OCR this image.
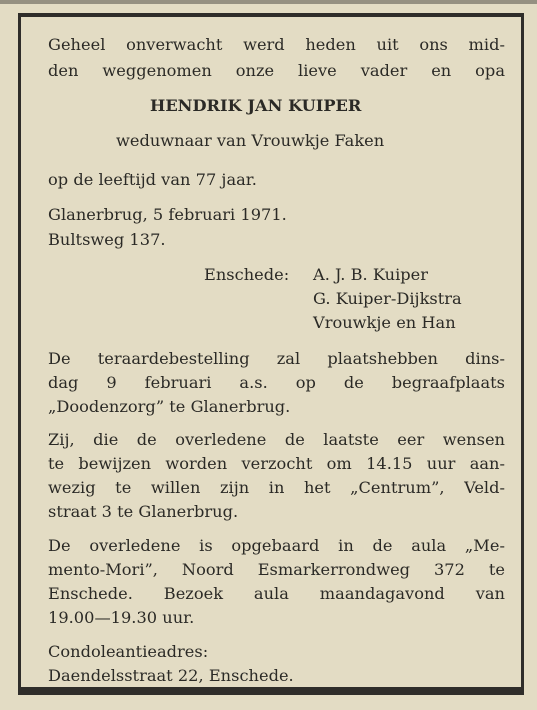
Geheel onverwacht werd heden uit ons mid-
den weggenomen onze lieve vader en opa
HENDRIK JAN KUIPER
weduwnaar van Vrouwkje Faken
op de leeftijd van 77 jaar.
Glanerbrug, 5 februari 1971.
Bultsweg 137.
Enschede: A. J. B. Kuiper
G. Kuiper-Dijkstra
Vrouwkje en Han
De teraardebestelling zal plaatshebben dins-
dag 9 februari a.s. op de begraafplaats
„Doodenzorg” te Glanerbrug.
Zij, die de overledene de laatste eer wensen
te bewijzen worden verzocht om 14.15 uur aan-
wezig te willen zijn in het „Centrum”, Veld-
straat 3 te Glanerbrug.
De overledene is opgebaard in de aula „Me-
mento-Mori”, Noord Esmarkerrondweg 372 te
Enschede. Bezoek aula maandagavond van
19.00—19.30 uur.
Condoleantieadres:
Daendelsstraat 22, Enschede.
